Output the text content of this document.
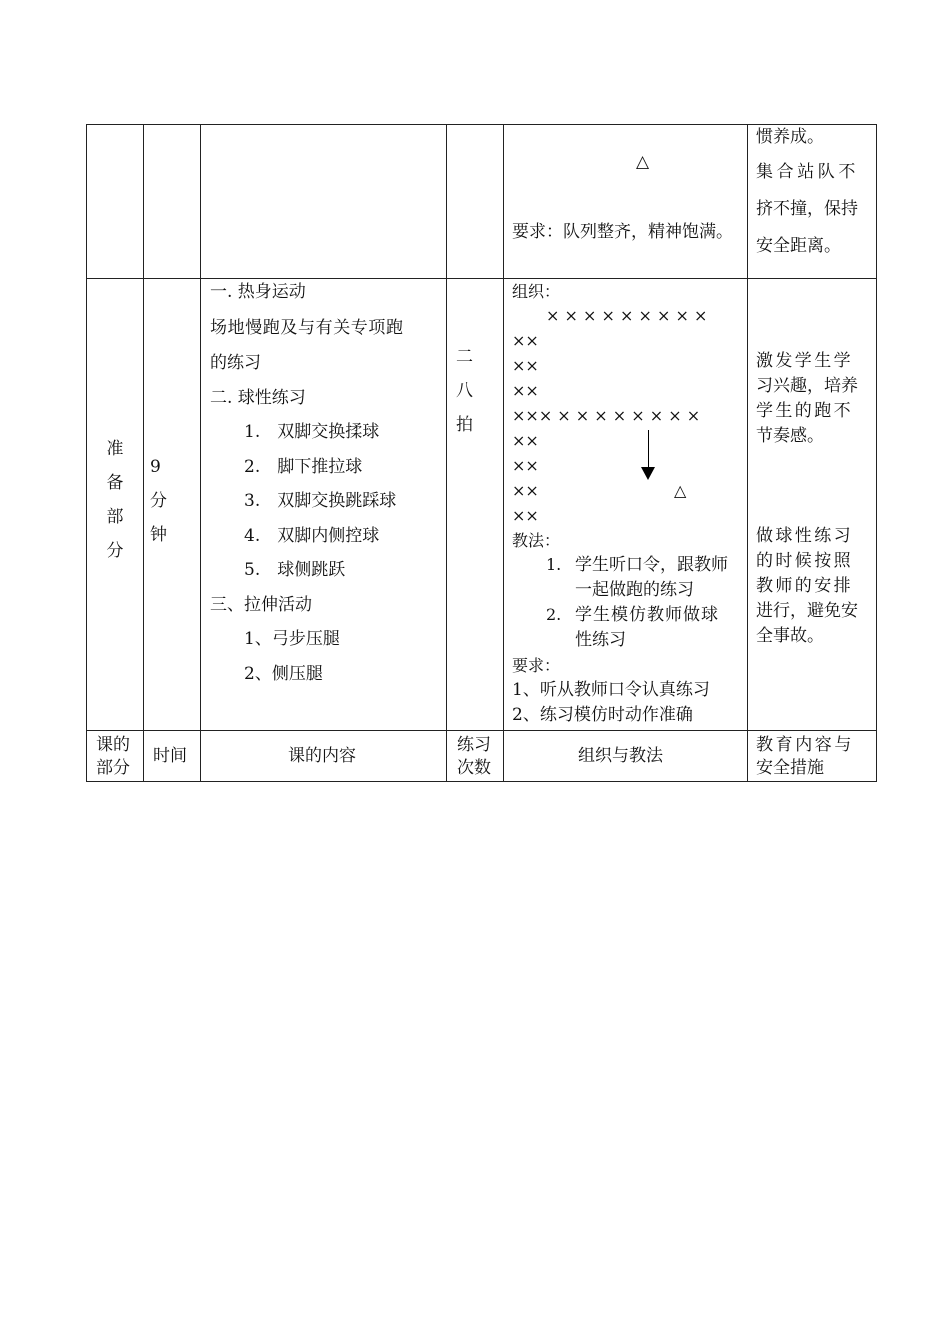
△
要求：队列整齐，精神饱满。
惯养成。
集合站队不
挤不撞，保持
安全距离。
准
备
部
分
9
分
钟
一. 热身运动
场地慢跑及与有关专项跑
的练习
二. 球性练习
1.　双脚交换揉球
2.　脚下推拉球
3.　双脚交换跳踩球
4.　双脚内侧控球
5.　球侧跳跃
三、拉伸活动
1、弓步压腿
2、侧压腿
二
八
拍
组织：
× × × × × × × × ×
××
××
××
××× × × × × × × × ×
××
××
××
××
△
教法：
1. 学生听口令，跟教师
一起做跑的练习
2. 学生模仿教师做球
性练习
要求：
1、听从教师口令认真练习
2、练习模仿时动作准确
激发学生学
习兴趣，培养
学生的跑不
节奏感。
做球性练习
的时候按照
教师的安排
进行，避免安
全事故。
课的
部分
时间	课的内容
练习
次数
组织与教法
教育内容与
安全措施
